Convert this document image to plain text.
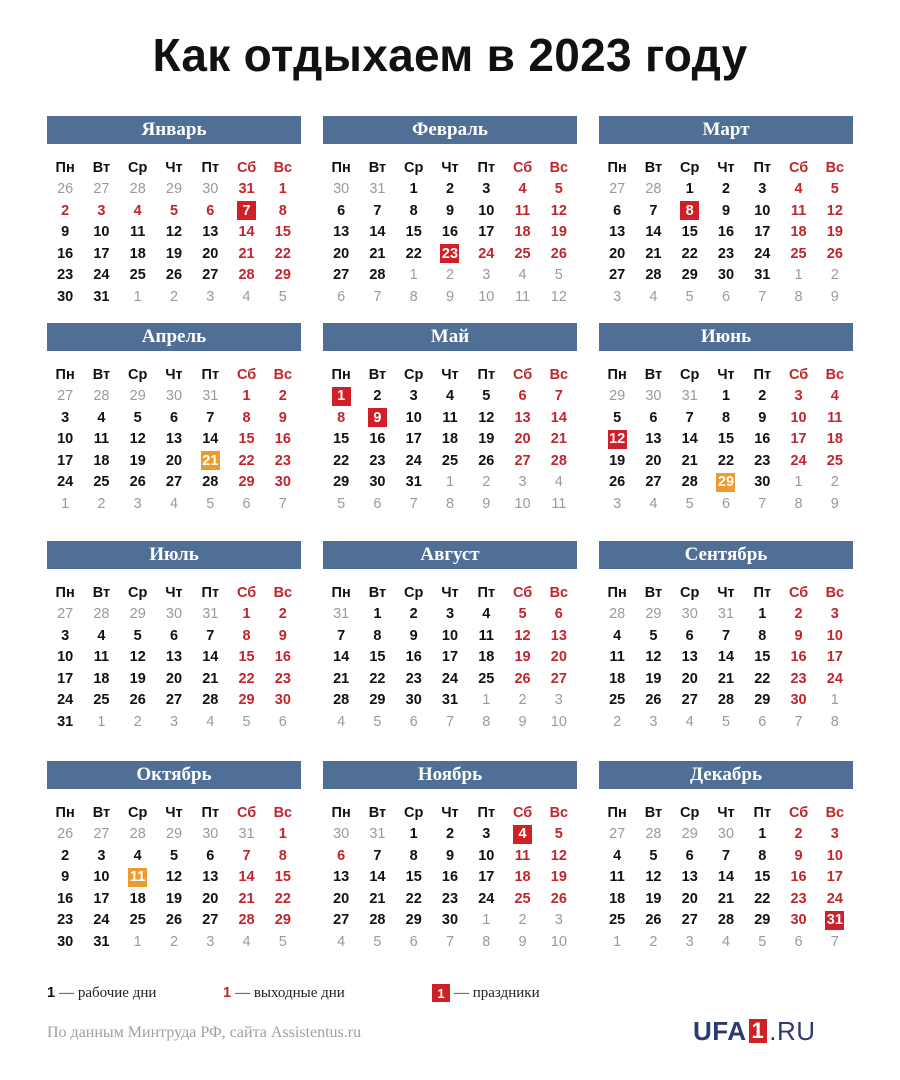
Как отдыхаем в 2023 году
Январь
Пн	Вт	Ср	Чт	Пт	Сб	Вс
26 27 28 29 30 31 1
2 3 4 5 6	7	8
9 10 11 12 13 14 15
16 17 18 19 20 21 22
23 24 25 26 27 28 29
30 31 1 2 3 4 5
Февраль
Пн	Вт	Ср	Чт	Пт	Сб	Вс
30 31 1 2 3 4 5
6 7 8 9 10 11 12
13 14 15 16 17 18 19
20 21 22 23 24 25 26
27 28 1 2 3 4 5
6 7 8 9 10 11 12
Март
Пн	Вт	Ср	Чт	Пт	Сб	Вс
27 28 1 2 3 4 5
6 7	8	9 10 11 12
13 14 15 16 17 18 19
20 21 22 23 24 25 26
27 28 29 30 31 1 2
3 4 5 6 7 8 9
Апрель
Пн	Вт	Ср	Чт	Пт	Сб	Вс
27 28 29 30 31 1 2
3 4 5 6 7 8 9
10 11 12 13 14 15 16
17 18 19 20 21 22 23
24 25 26 27 28 29 30
1 2 3 4 5 6 7
Май
Пн	Вт	Ср	Чт	Пт	Сб	Вс
1	2 3 4 5 6 7
8	9	10 11 12 13 14
15 16 17 18 19 20 21
22 23 24 25 26 27 28
29 30 31 1 2 3 4
5 6 7 8 9 10 11
Июнь
Пн	Вт	Ср	Чт	Пт	Сб	Вс
29 30 31 1 2 3 4
5 6 7 8 9 10 11
12 13 14 15 16 17 18
19 20 21 22 23 24 25
26 27 28 29 30 1 2
3 4 5 6 7 8 9
Июль
Пн	Вт	Ср	Чт	Пт	Сб	Вс
27 28 29 30 31 1 2
3 4 5 6 7 8 9
10 11 12 13 14 15 16
17 18 19 20 21 22 23
24 25 26 27 28 29 30
31 1 2 3 4 5 6
Август
Пн	Вт	Ср	Чт	Пт	Сб	Вс
31 1 2 3 4 5 6
7 8 9 10 11 12 13
14 15 16 17 18 19 20
21 22 23 24 25 26 27
28 29 30 31 1 2 3
4 5 6 7 8 9 10
Сентябрь
Пн	Вт	Ср	Чт	Пт	Сб	Вс
28 29 30 31 1 2 3
4 5 6 7 8 9 10
11 12 13 14 15 16 17
18 19 20 21 22 23 24
25 26 27 28 29 30 1
2 3 4 5 6 7 8
Октябрь
Пн	Вт	Ср	Чт	Пт	Сб	Вс
26 27 28 29 30 31 1
2 3 4 5 6 7 8
9 10 11 12 13 14 15
16 17 18 19 20 21 22
23 24 25 26 27 28 29
30 31 1 2 3 4 5
Ноябрь
Пн	Вт	Ср	Чт	Пт	Сб	Вс
30 31 1 2 3	4	5
6 7 8 9 10 11 12
13 14 15 16 17 18 19
20 21 22 23 24 25 26
27 28 29 30 1 2 3
4 5 6 7 8 9 10
Декабрь
Пн	Вт	Ср	Чт	Пт	Сб	Вс
27 28 29 30 1 2 3
4 5 6 7 8 9 10
11 12 13 14 15 16 17
18 19 20 21 22 23 24
25 26 27 28 29 30 31
1 2 3 4 5 6 7
1 — рабочие дни	1 — выходные дни	1 — праздники
По данным Минтруда РФ, сайта Assistentus.ru	UFA 1 .RU
